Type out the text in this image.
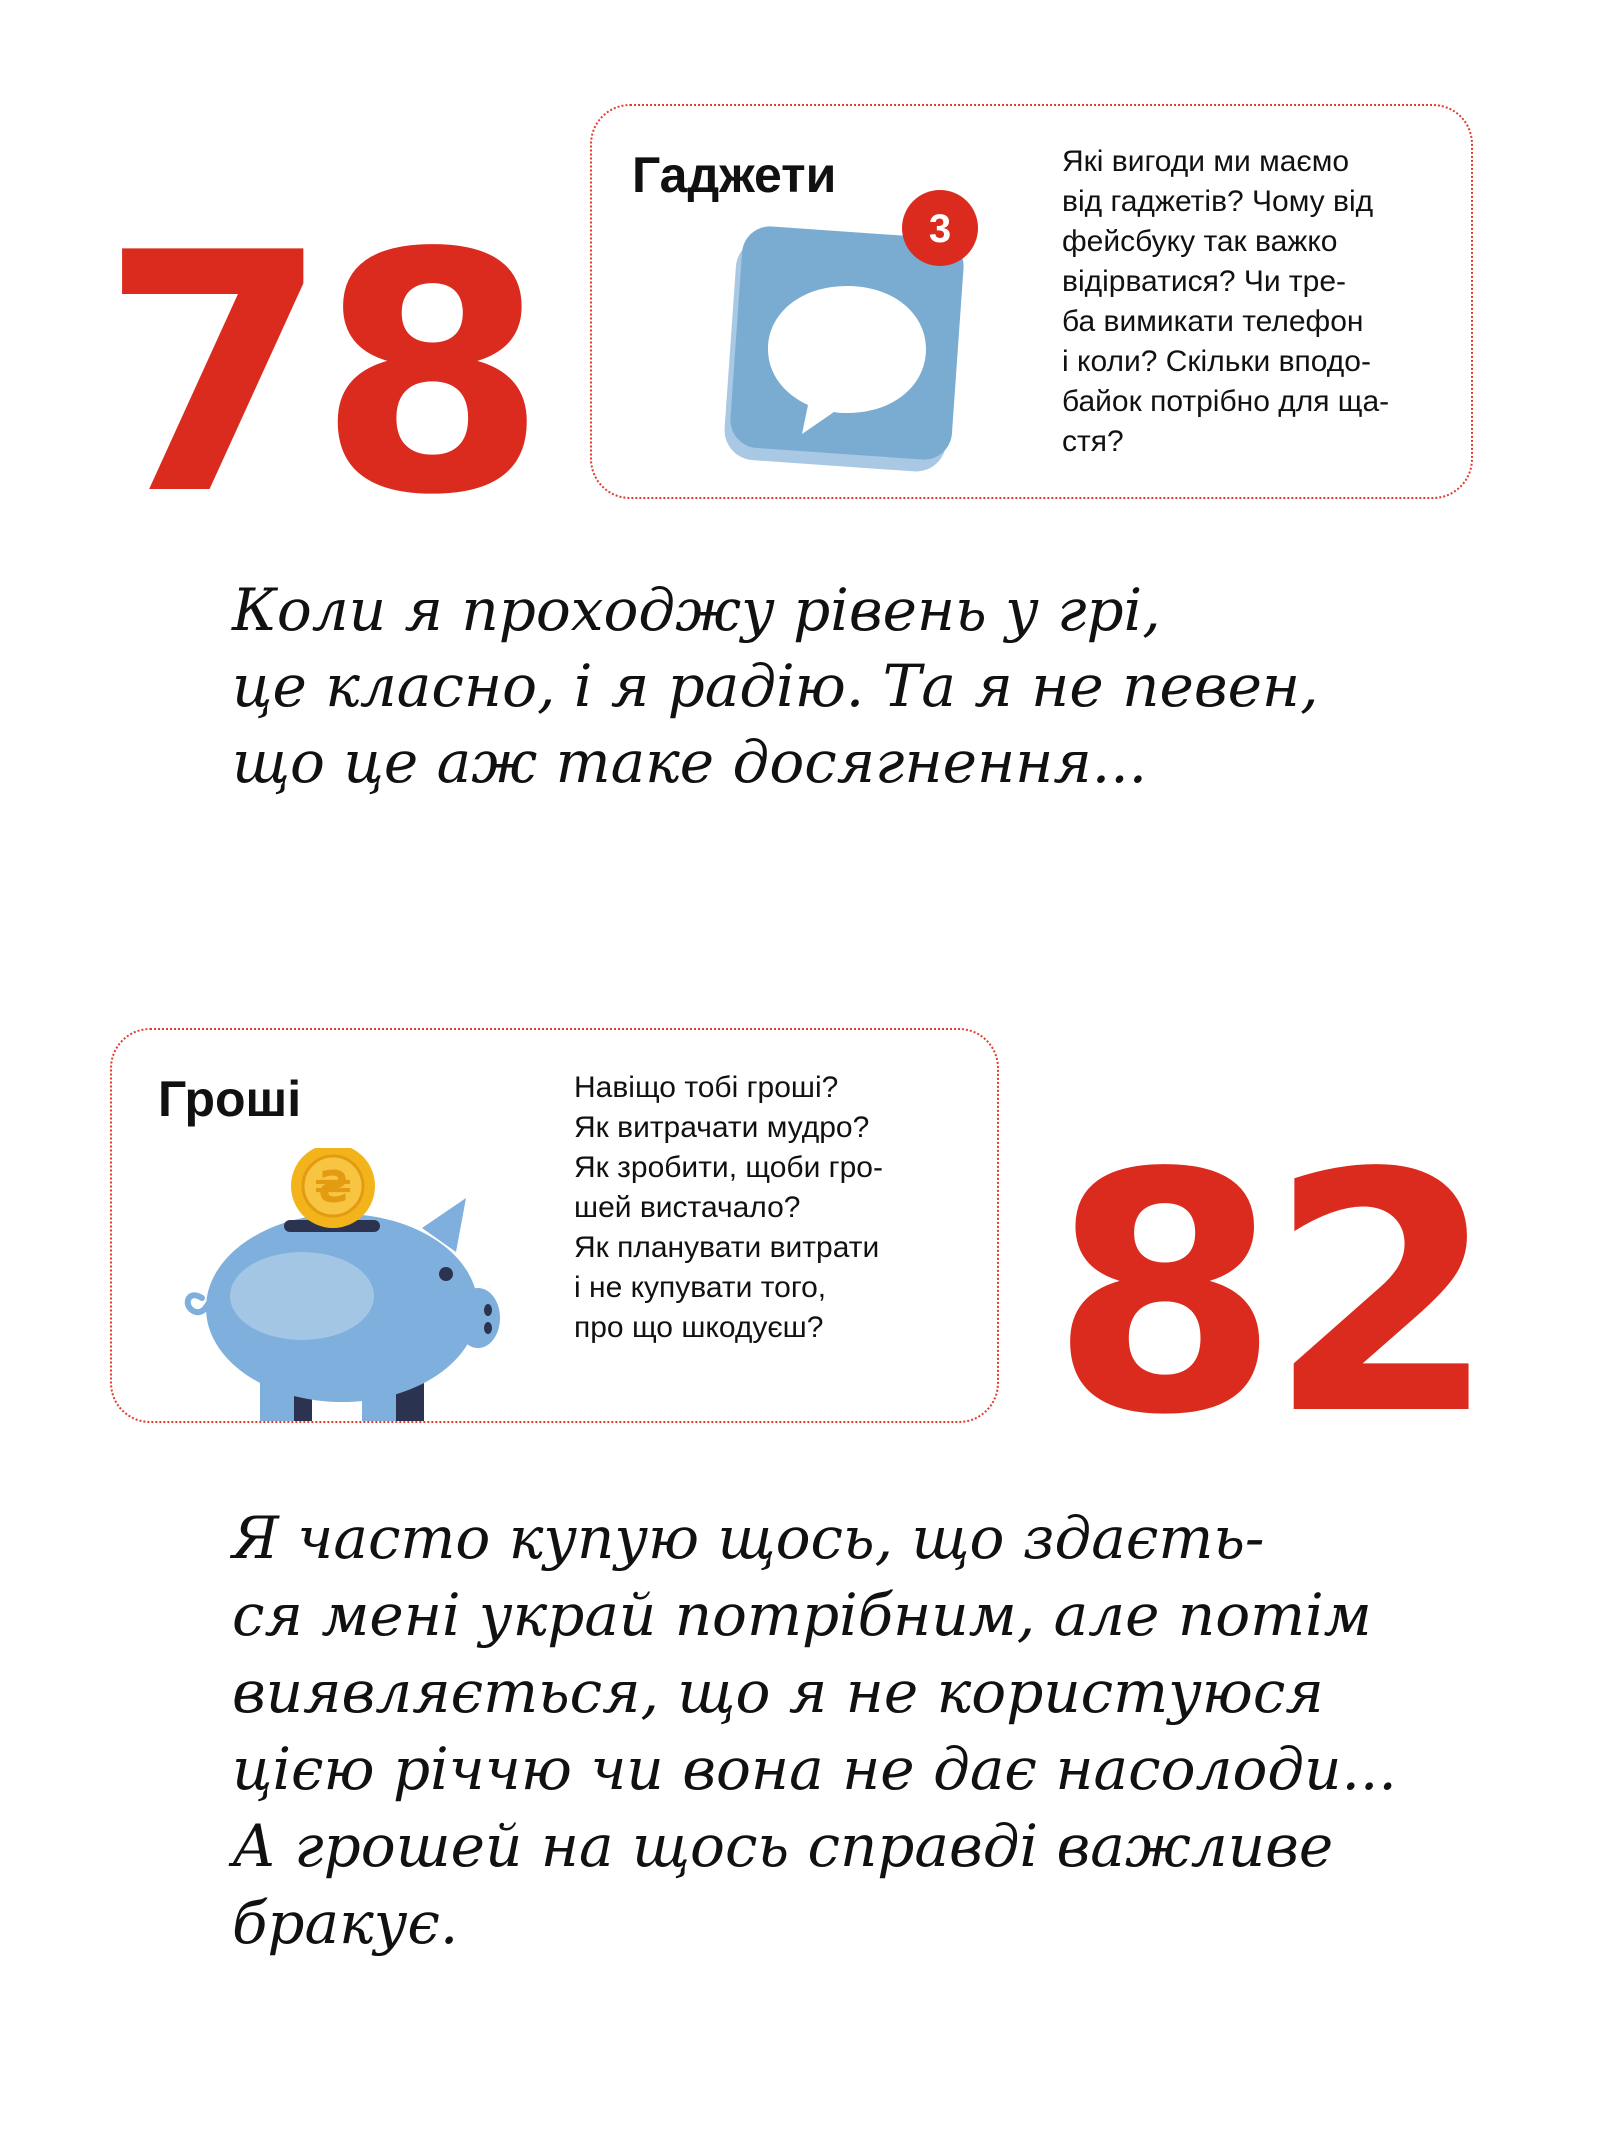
78
Гаджети
3

Які вигоди ми маємо
від гаджетів? Чому від
фейсбуку так важко
відірватися? Чи тре-
ба вимикати телефон
і коли? Скільки вподо-
байок потрібно для ща-
стя?

Коли я проходжу рівень у грі,
це класно, і я радію. Та я не певен,
що це аж таке досягнення...

Гроші
₴

Навіщо тобі гроші?
Як витрачати мудро?
Як зробити, щоби гро-
шей вистачало?
Як планувати витрати
і не купувати того,
про що шкодуєш? 82

Я часто купую щось, що здаєть-
ся мені украй потрібним, але потім
виявляється, що я не користуюся
цією річчю чи вона не дає насолоди...
А грошей на щось справді важливе
бракує.
